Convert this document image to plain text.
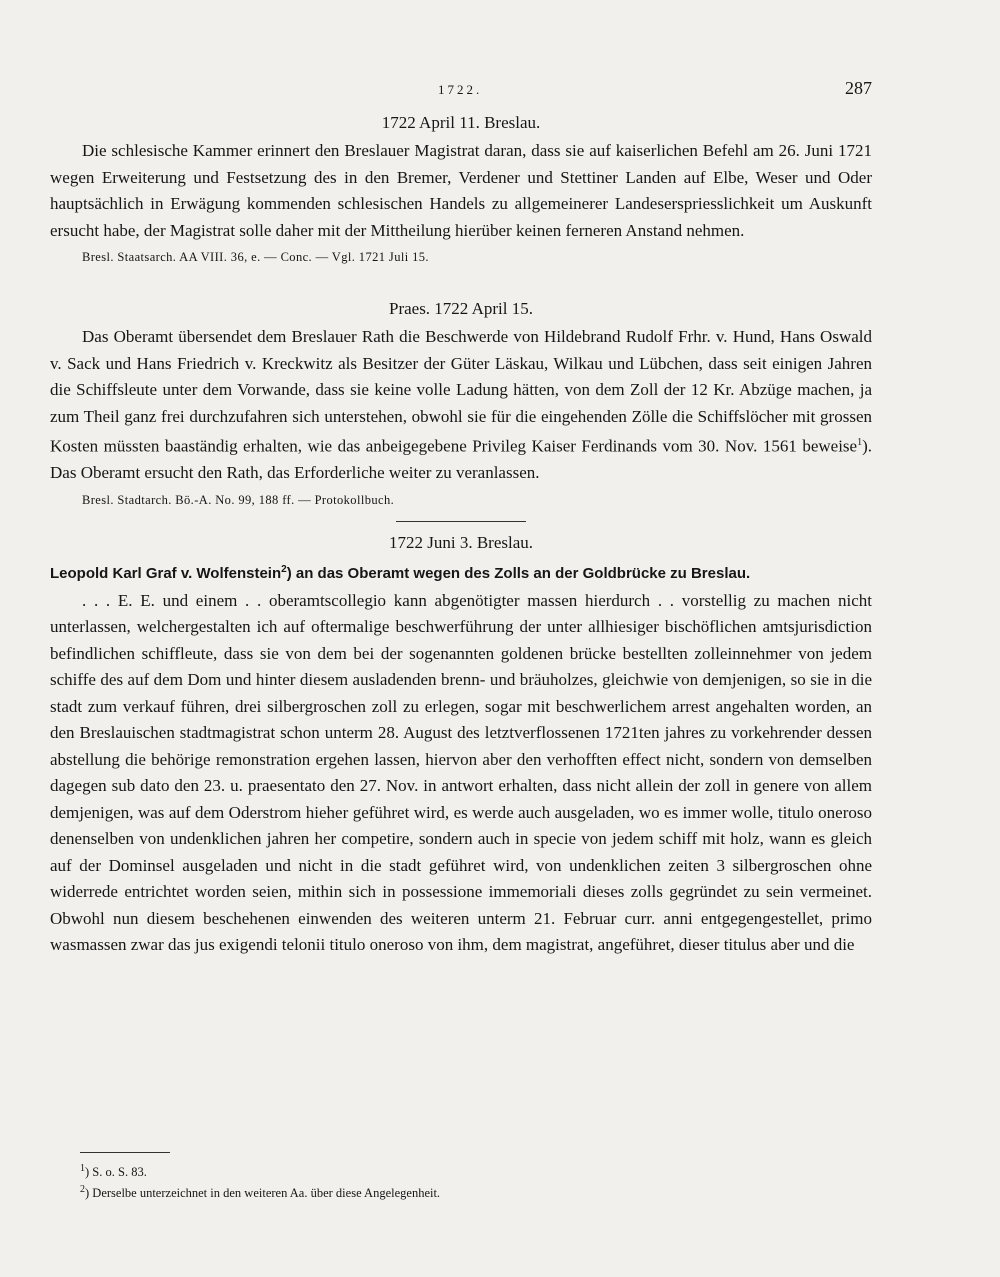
1722.	287

1722 April 11. Breslau.

Die schlesische Kammer erinnert den Breslauer Magistrat daran, dass sie auf kaiserlichen Befehl am 26. Juni 1721 wegen Erweiterung und Festsetzung des in den Bremer, Verdener und Stettiner Landen auf Elbe, Weser und Oder hauptsächlich in Erwägung kommenden schlesischen Handels zu allgemeinerer Landeserspriesslichkeit um Auskunft ersucht habe, der Magistrat solle daher mit der Mittheilung hierüber keinen ferneren Anstand nehmen.

Bresl. Staatsarch. AA VIII. 36, e. — Conc. — Vgl. 1721 Juli 15.

Praes. 1722 April 15.

Das Oberamt übersendet dem Breslauer Rath die Beschwerde von Hildebrand Rudolf Frhr. v. Hund, Hans Oswald v. Sack und Hans Friedrich v. Kreckwitz als Besitzer der Güter Läskau, Wilkau und Lübchen, dass seit einigen Jahren die Schiffsleute unter dem Vorwande, dass sie keine volle Ladung hätten, von dem Zoll der 12 Kr. Abzüge machen, ja zum Theil ganz frei durchzufahren sich unterstehen, obwohl sie für die eingehenden Zölle die Schiffslöcher mit grossen Kosten müssten baaständig erhalten, wie das anbeigegebene Privileg Kaiser Ferdinands vom 30. Nov. 1561 beweise$^1$). Das Oberamt ersucht den Rath, das Erforderliche weiter zu veranlassen.

Bresl. Stadtarch. Bö.-A. No. 99, 188 ff. — Protokollbuch.

1722 Juni 3. Breslau.

Leopold Karl Graf v. Wolfenstein$^2$) an das Oberamt wegen des Zolls an der Goldbrücke zu Breslau.

. . . E. E. und einem . . oberamtscollegio kann abgenötigter massen hierdurch . . vorstellig zu machen nicht unterlassen, welchergestalten ich auf oftermalige beschwerführung der unter allhiesiger bischöflichen amtsjurisdiction befindlichen schiffleute, dass sie von dem bei der sogenannten goldenen brücke bestellten zolleinnehmer von jedem schiffe des auf dem Dom und hinter diesem ausladenden brenn- und bräuholzes, gleichwie von demjenigen, so sie in die stadt zum verkauf führen, drei silbergroschen zoll zu erlegen, sogar mit beschwerlichem arrest angehalten worden, an den Breslauischen stadtmagistrat schon unterm 28. August des letztverflossenen 1721ten jahres zu vorkehrender dessen abstellung die behörige remonstration ergehen lassen, hiervon aber den verhofften effect nicht, sondern von demselben dagegen sub dato den 23. u. praesentato den 27. Nov. in antwort erhalten, dass nicht allein der zoll in genere von allem demjenigen, was auf dem Oderstrom hieher geführet wird, es werde auch ausgeladen, wo es immer wolle, titulo oneroso denenselben von undenklichen jahren her competire, sondern auch in specie von jedem schiff mit holz, wann es gleich auf der Dominsel ausgeladen und nicht in die stadt geführet wird, von undenklichen zeiten 3 silbergroschen ohne widerrede entrichtet worden seien, mithin sich in possessione immemoriali dieses zolls gegründet zu sein vermeinet. Obwohl nun diesem beschehenen einwenden des weiteren unterm 21. Februar curr. anni entgegengestellet, primo wasmassen zwar das jus exigendi telonii titulo oneroso von ihm, dem magistrat, angeführet, dieser titulus aber und die

$^1$) S. o. S. 83.
$^2$) Derselbe unterzeichnet in den weiteren Aa. über diese Angelegenheit.
